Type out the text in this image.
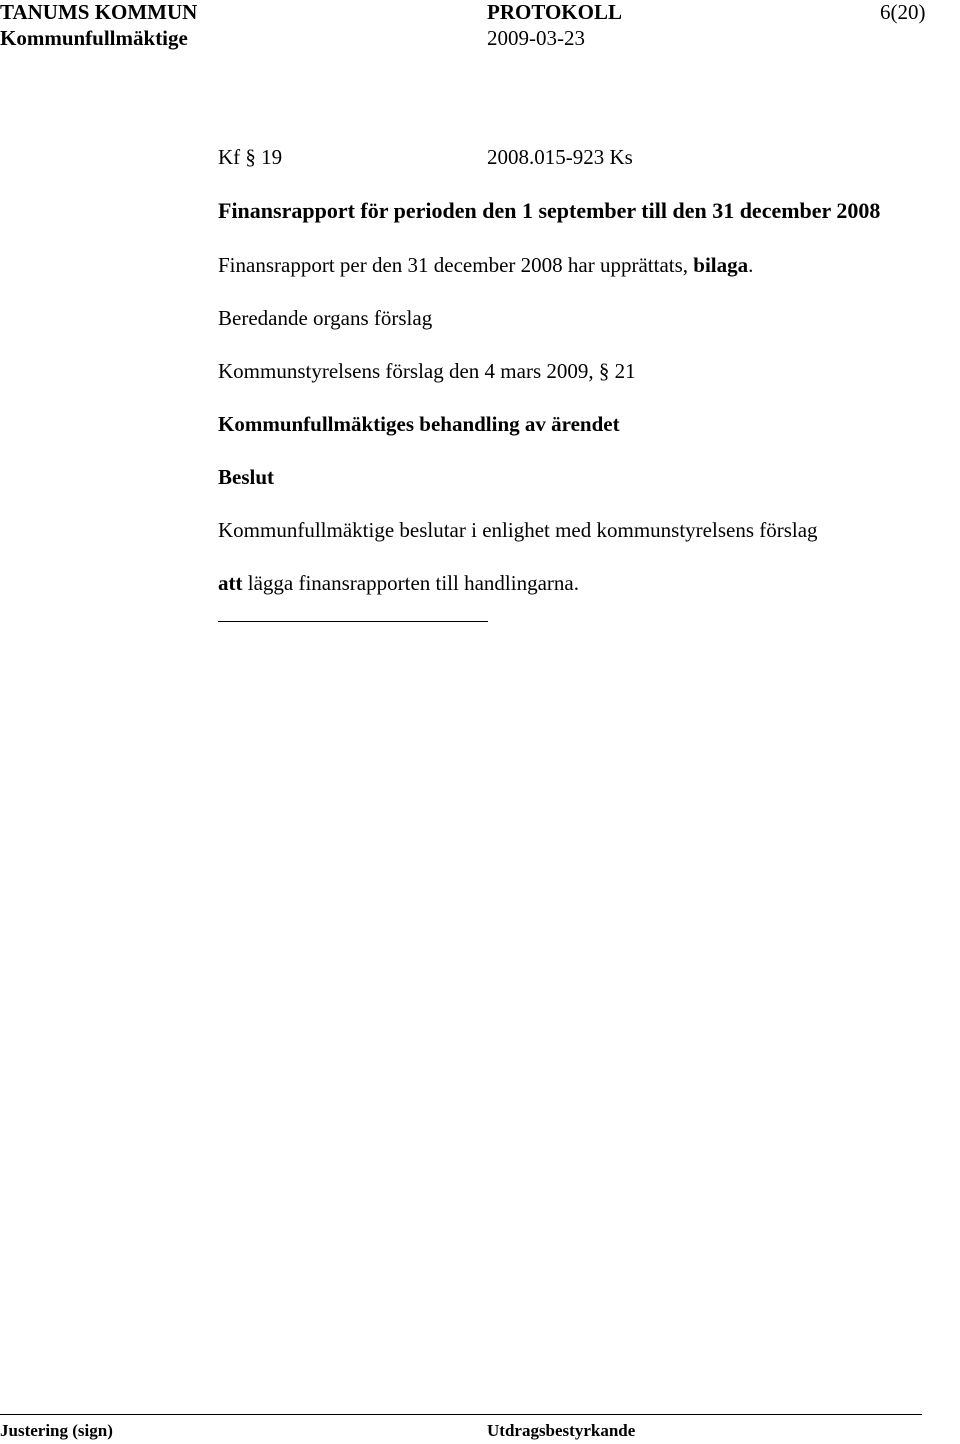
TANUMS KOMMUN	PROTOKOLL	6(20)
Kommunfullmäktige	2009-03-23
Kf § 19	2008.015-923 Ks
Finansrapport för perioden den 1 september till den 31 december 2008
Finansrapport per den 31 december 2008 har upprättats, bilaga.
Beredande organs förslag
Kommunstyrelsens förslag den 4 mars 2009, § 21
Kommunfullmäktiges behandling av ärendet
Beslut
Kommunfullmäktige beslutar i enlighet med kommunstyrelsens förslag
att lägga finansrapporten till handlingarna.
Justering (sign)	Utdragsbestyrkande
